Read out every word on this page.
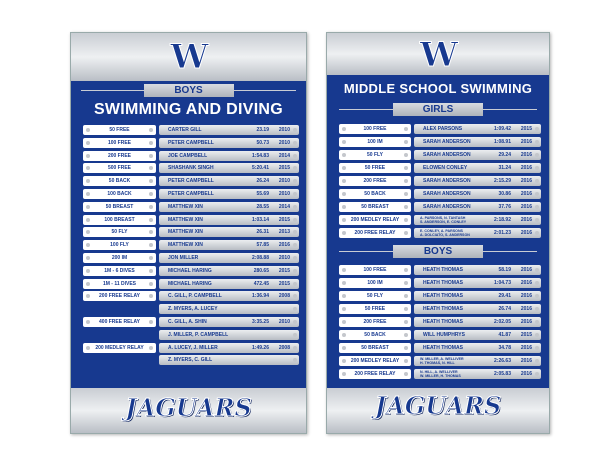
W
BOYS
SWIMMING AND DIVING
50 FREE	CARTER GILL	23.19 2010
100 FREE	PETER CAMPBELL	50.73 2010
200 FREE	JOE CAMPBELL	1:54.83 2014
500 FREE	SHASHANK SINGH	5:20.41 2015
50 BACK	PETER CAMPBELL	26.24 2010
100 BACK	PETER CAMPBELL	55.69 2010
50 BREAST	MATTHEW XIN	28.55 2014
100 BREAST	MATTHEW XIN	1:03.14 2015
50 FLY	MATTHEW XIN	26.31 2013
100 FLY	MATTHEW XIN	57.85 2016
200 IM	JON MILLER	2:08.88 2010
1M - 6 DIVES	MICHAEL HARING	280.65 2015
1M - 11 DIVES	MICHAEL HARING	472.45 2015
200 FREE RELAY	C. GILL, P. CAMPBELL	1:36.94 2008
Z. MYERS, A. LUCEY
400 FREE RELAY	C. GILL, A. SHIN	3:35.25 2010
J. MILLER, P. CAMPBELL
200 MEDLEY RELAY	A. LUCEY, J. MILLER	1:49.26 2008
Z. MYERS, C. GILL
JAGUARS
W
MIDDLE SCHOOL SWIMMING
GIRLS
100 FREE	ALEX PARSONS	1:09.42 2015
100 IM	SARAH ANDERSON	1:08.91 2016
50 FLY	SARAH ANDERSON	29.24 2016
50 FREE	ELOWEN CONLEY	31.24 2016
200 FREE	SARAH ANDERSON	2:15.29 2016
50 BACK	SARAH ANDERSON	30.86 2016
50 BREAST	SARAH ANDERSON	37.76 2016
200 MEDLEY RELAY	A. PARSONS, N. TANTASH
S. ANDERSON, E. CONLEY	2:18.92 2016
200 FREE RELAY	E. CONLEY, A. PARSONS
A. DOLCIATO, S. ANDERSON	2:01.23 2016
BOYS
100 FREE	HEATH THOMAS	58.19 2016
100 IM	HEATH THOMAS	1:04.73 2016
50 FLY	HEATH THOMAS	29.41 2016
50 FREE	HEATH THOMAS	26.74 2016
200 FREE	HEATH THOMAS	2:02.05 2016
50 BACK	WILL HUMPHRYS	41.87 2015
50 BREAST	HEATH THOMAS	34.78 2016
200 MEDLEY RELAY	W. MILLER, A. WELLIVER
H. THOMAS, N. HILL	2:26.63 2016
200 FREE RELAY	N. HILL, A. WELLIVER
W. MILLER, H. THOMAS	2:05.83 2016
JAGUARS
